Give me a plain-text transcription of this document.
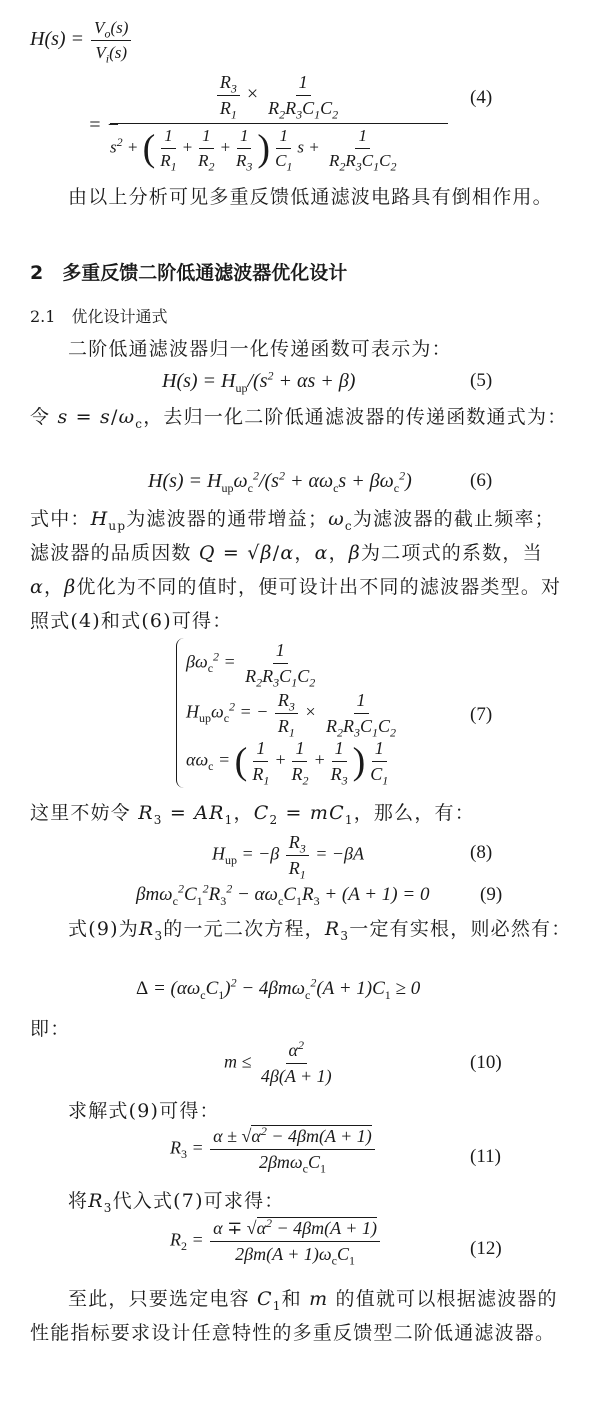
$H(s) = \frac{V_o(s)}{V_i(s)}$
= −
$\frac{R_3}{R_1} \times \frac{1}{R_2R_3C_1C_2}$
$s^2$ + ( $\frac{1}{R_1} + \frac{1}{R_2} + \frac{1}{R_3}$ ) $\frac{1}{C_1}$ $s + \frac{1}{R_2R_3C_1C_2}$
(4)
由以上分析可见多重反馈低通滤波电路具有倒相作用。
2　多重反馈二阶低通滤波器优化设计
2.1　优化设计通式
二阶低通滤波器归一化传递函数可表示为：
$H(s) = H_{up}/(s^2 + \alpha s + \beta)$	(5)
令 $s = s/\omega_c$，去归一化二阶低通滤波器的传递函数通式为：
$H(s) = H_{up}\omega_c^2/(s^2 + \alpha\omega_cs + \beta\omega_c^2)$	(6)
式中：$H_{up}$为滤波器的通带增益；$\omega_c$为滤波器的截止频率；滤波器的品质因数 Q = √β/α，α，β为二项式的系数，当α，β优化为不同的值时，便可设计出不同的滤波器类型。对照式(4)和式(6)可得：
$\beta\omega_c^2 = \frac{1}{R_2R_3C_1C_2}$
$H_{up}\omega_c^2$ = − $\frac{R_3}{R_1} \times \frac{1}{R_2R_3C_1C_2}$
$\alpha\omega_c$ = ( $\frac{1}{R_1} + \frac{1}{R_2} + \frac{1}{R_3}$ ) $\frac{1}{C_1}$
(7)
这里不妨令 $R_3 = AR_1$，$C_2 = mC_1$，那么，有：
$H_{up} = -\beta \frac{R_3}{R_1} = -\beta A$	(8)
$\beta m\omega_c^2C_1^2R_3^2 - \alpha\omega_cC_1R_3 + (A + 1) = 0$	(9)
式(9)为$R_3$的一元二次方程，$R_3$一定有实根，则必然有：
$\Delta = (\alpha\omega_cC_1)^2 - 4\beta m\omega_c^2(A + 1)C_1 \ge 0$
即：
$m \le \frac{\alpha^2}{4\beta(A + 1)}$	(10)
求解式(9)可得：
$R_3 = \frac{\alpha \pm √\alpha^2 - 4\beta m(A + 1)}{2\beta m\omega_cC_1}$	(11)
将$R_3$代入式(7)可求得：
$R_2 = \frac{\alpha \mp √\alpha^2 - 4\beta m(A + 1)}{2\beta m(A + 1)\omega_cC_1}$	(12)
至此，只要选定电容 $C_1$和 m 的值就可以根据滤波器的性能指标要求设计任意特性的多重反馈型二阶低通滤波器。
